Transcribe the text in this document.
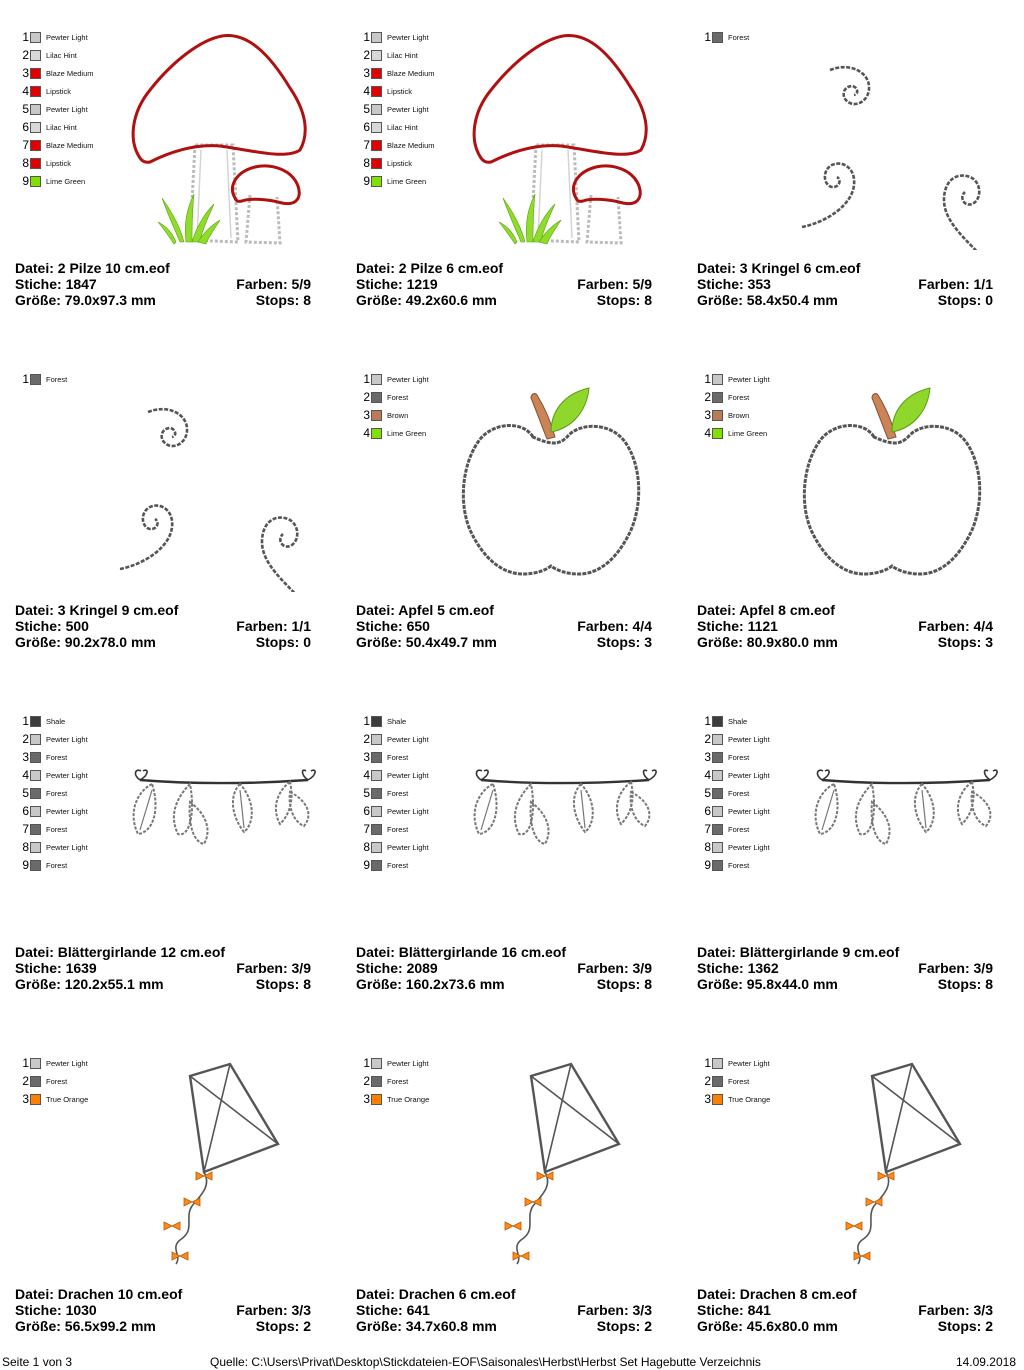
1 Pewter Light
2 Lilac Hint
3 Blaze Medium
4 Lipstick
5 Pewter Light
6 Lilac Hint
7 Blaze Medium
8 Lipstick
9 Lime Green
Datei: 2 Pilze 10 cm.eof
Stiche: 1847	Farben: 5/9
Größe: 79.0x97.3 mm	Stops: 8
1 Pewter Light
2 Lilac Hint
3 Blaze Medium
4 Lipstick
5 Pewter Light
6 Lilac Hint
7 Blaze Medium
8 Lipstick
9 Lime Green
Datei: 2 Pilze 6 cm.eof
Stiche: 1219	Farben: 5/9
Größe: 49.2x60.6 mm	Stops: 8
1 Forest
Datei: 3 Kringel 6 cm.eof
Stiche: 353	Farben: 1/1
Größe: 58.4x50.4 mm	Stops: 0
1 Forest
Datei: 3 Kringel 9 cm.eof
Stiche: 500	Farben: 1/1
Größe: 90.2x78.0 mm	Stops: 0
1 Pewter Light
2 Forest
3 Brown
4 Lime Green
Datei: Apfel 5 cm.eof
Stiche: 650	Farben: 4/4
Größe: 50.4x49.7 mm	Stops: 3
1 Pewter Light
2 Forest
3 Brown
4 Lime Green
Datei: Apfel 8 cm.eof
Stiche: 1121	Farben: 4/4
Größe: 80.9x80.0 mm	Stops: 3
1 Shale
2 Pewter Light
3 Forest
4 Pewter Light
5 Forest
6 Pewter Light
7 Forest
8 Pewter Light
9 Forest
Datei: Blättergirlande 12 cm.eof
Stiche: 1639	Farben: 3/9
Größe: 120.2x55.1 mm	Stops: 8
1 Shale
2 Pewter Light
3 Forest
4 Pewter Light
5 Forest
6 Pewter Light
7 Forest
8 Pewter Light
9 Forest
Datei: Blättergirlande 16 cm.eof
Stiche: 2089	Farben: 3/9
Größe: 160.2x73.6 mm	Stops: 8
1 Shale
2 Pewter Light
3 Forest
4 Pewter Light
5 Forest
6 Pewter Light
7 Forest
8 Pewter Light
9 Forest
Datei: Blättergirlande 9 cm.eof
Stiche: 1362	Farben: 3/9
Größe: 95.8x44.0 mm	Stops: 8
1 Pewter Light
2 Forest
3 True Orange
Datei: Drachen 10 cm.eof
Stiche: 1030	Farben: 3/3
Größe: 56.5x99.2 mm	Stops: 2
1 Pewter Light
2 Forest
3 True Orange
Datei: Drachen 6 cm.eof
Stiche: 641	Farben: 3/3
Größe: 34.7x60.8 mm	Stops: 2
1 Pewter Light
2 Forest
3 True Orange
Datei: Drachen 8 cm.eof
Stiche: 841	Farben: 3/3
Größe: 45.6x80.0 mm	Stops: 2
Seite 1 von 3	Quelle: C:\Users\Privat\Desktop\Stickdateien-EOF\Saisonales\Herbst\Herbst Set Hagebutte Verzeichnis	14.09.2018
